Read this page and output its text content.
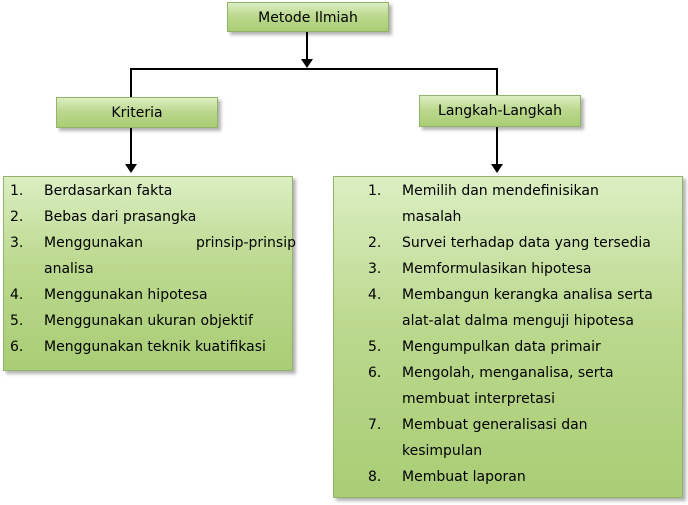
Metode Ilmiah
Kriteria	Langkah-Langkah
1. Berdasarkan fakta
2. Bebas dari prasangka
3. Menggunakan prinsip-prinsip
analisa
4. Menggunakan hipotesa
5. Menggunakan ukuran objektif
6. Menggunakan teknik kuatifikasi
1. Memilih dan mendefinisikan
masalah
2. Survei terhadap data yang tersedia
3. Memformulasikan hipotesa
4. Membangun kerangka analisa serta
alat-alat dalma menguji hipotesa
5. Mengumpulkan data primair
6. Mengolah, menganalisa, serta
membuat interpretasi
7. Membuat generalisasi dan
kesimpulan
8. Membuat laporan
